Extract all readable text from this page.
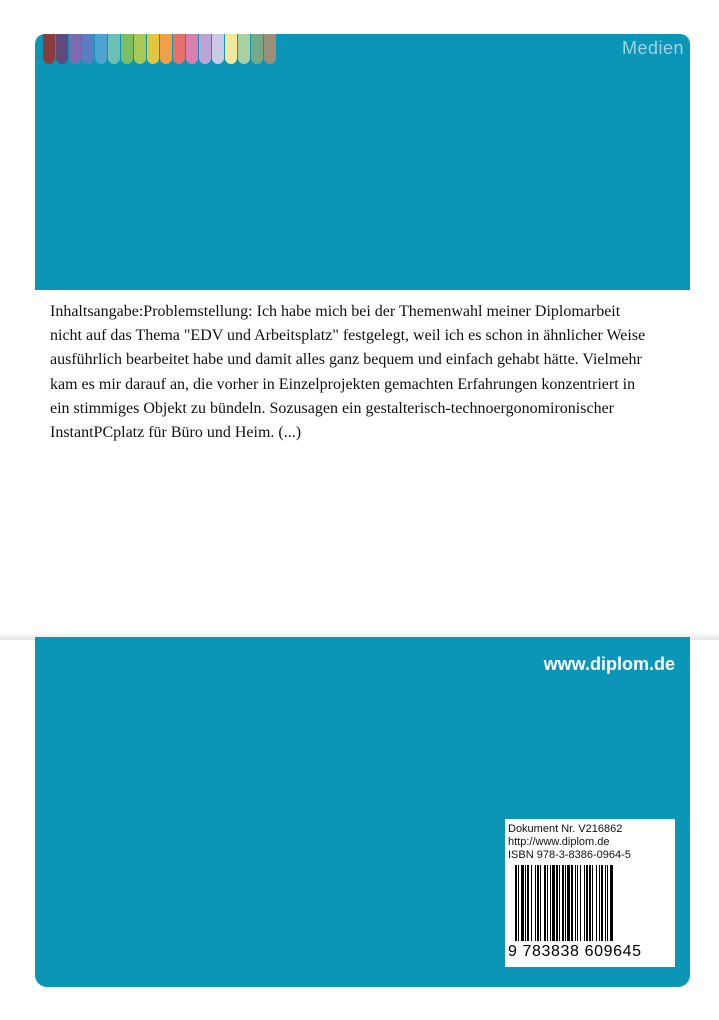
Medien
Inhaltsangabe:Problemstellung: Ich habe mich bei der Themenwahl meiner Diplomarbeit nicht auf das Thema "EDV und Arbeitsplatz" festgelegt, weil ich es schon in ähnlicher Weise ausführlich bearbeitet habe und damit alles ganz bequem und einfach gehabt hätte. Vielmehr kam es mir darauf an, die vorher in Einzelprojekten gemachten Erfahrungen konzentriert in ein stimmiges Objekt zu bündeln. Sozusagen ein gestalterisch-technoergonomironischer InstantPCplatz für Büro und Heim. (...)
www.diplom.de
Dokument Nr. V216862
http://www.diplom.de
ISBN 978-3-8386-0964-5
9 783838 609645
